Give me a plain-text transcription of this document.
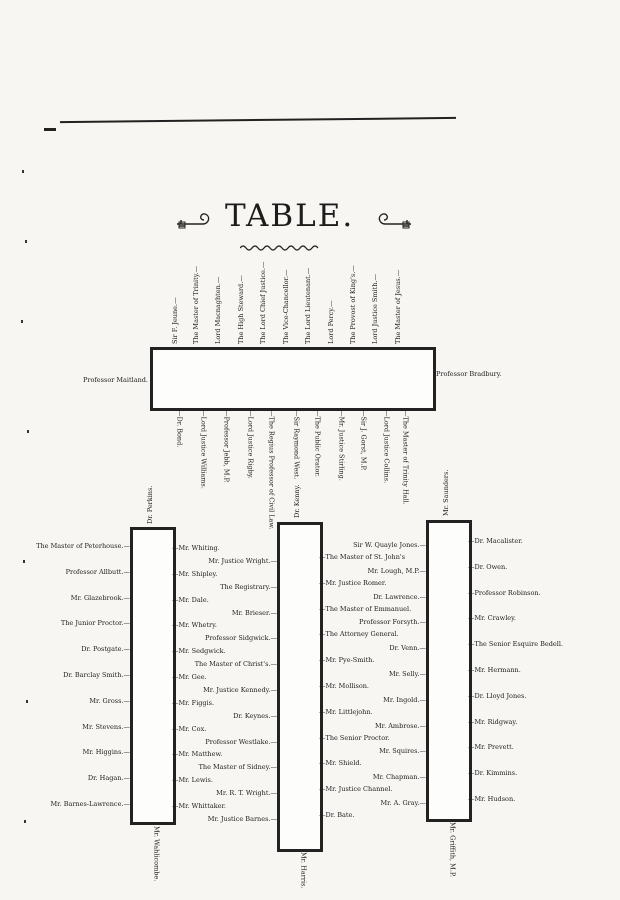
TABLE.
Sir F. Jeune.— The Master of Trinity.— Lord Macnaghten.— The High Steward.— The Lord Chief Justice.— The Vice-Chancellor.— The Lord Lieutenant.— Lord Percy.— The Provost of King's.— Lord Justice Smith.— The Master of Jesus.—
—Dr. Bond. —Lord Justice Williams. —Professor Jebb, M.P. —Lord Justice Rigby. —The Regius Professor of Civil Law.	—Sir Raymond West. —The Public Orator. —Mr. Justice Stirling. —Sir J. Gorst, M.P. —Lord Justice Collins. —The Master of Trinity Hall.
Professor Maitland.
Professor Bradbury.
Dr. Perkins.
Mr. Wahlicombe.
The Master of Peterhouse.—
Professor Allbutt.—
Mr. Glazebrook.—
The Junior Proctor.—
Dr. Postgate.—
Dr. Barclay Smith.—
Mr. Gross.—
Mr. Stevens.—
Mr. Higgins.—
Dr. Hagan.—
Mr. Barnes-Lawrence.—
—Mr. Whiting.
—Mr. Shipley.
—Mr. Dale.
—Mr. Whetry.
—Mr. Sedgwick.
—Mr. Gee.
—Mr. Figgis.
—Mr. Cox.
—Mr. Matthew.
—Mr. Lewis.
—Mr. Whittaker.
Dr. Kenny.
Mr. Harris.
Mr. Justice Wright.—
The Registrary.—
Mr. Brieser.—
Professor Sidgwick.—
The Master of Christ's.—
Mr. Justice Kennedy.—
Dr. Keynes.—
Professor Westlake.—
The Master of Sidney.—
Mr. R. T. Wright.—
Mr. Justice Barnes.—
—The Master of St. John's
—Mr. Justice Romer.
—The Master of Emmanuel.
—The Attorney General.
—Mr. Pye-Smith.
—Mr. Mollison.
—Mr. Littlejohn.
—The Senior Proctor.
—Mr. Shield.
—Mr. Justice Channel.
—Dr. Bate.
Mr. Saunders.
Mr. Griffith, M.P.
Sir W. Quayle Jones.—
Mr. Lough, M.P.—
Dr. Lawrence.—
Professor Forsyth.—
Dr. Venn.—
Mr. Selly.—
Mr. Ingold.—
Mr. Ambrose.—
Mr. Squires.—
Mr. Chapman.—
Mr. A. Gray.—
—Dr. Macalister.
—Dr. Owen.
—Professor Robinson.
—Mr. Crawley.
—The Senior Esquire Bedell.
—Mr. Hermann.
—Dr. Lloyd Jones.
—Mr. Ridgway.
—Mr. Prevett.
—Dr. Kimmins.
—Mr. Hudson.
